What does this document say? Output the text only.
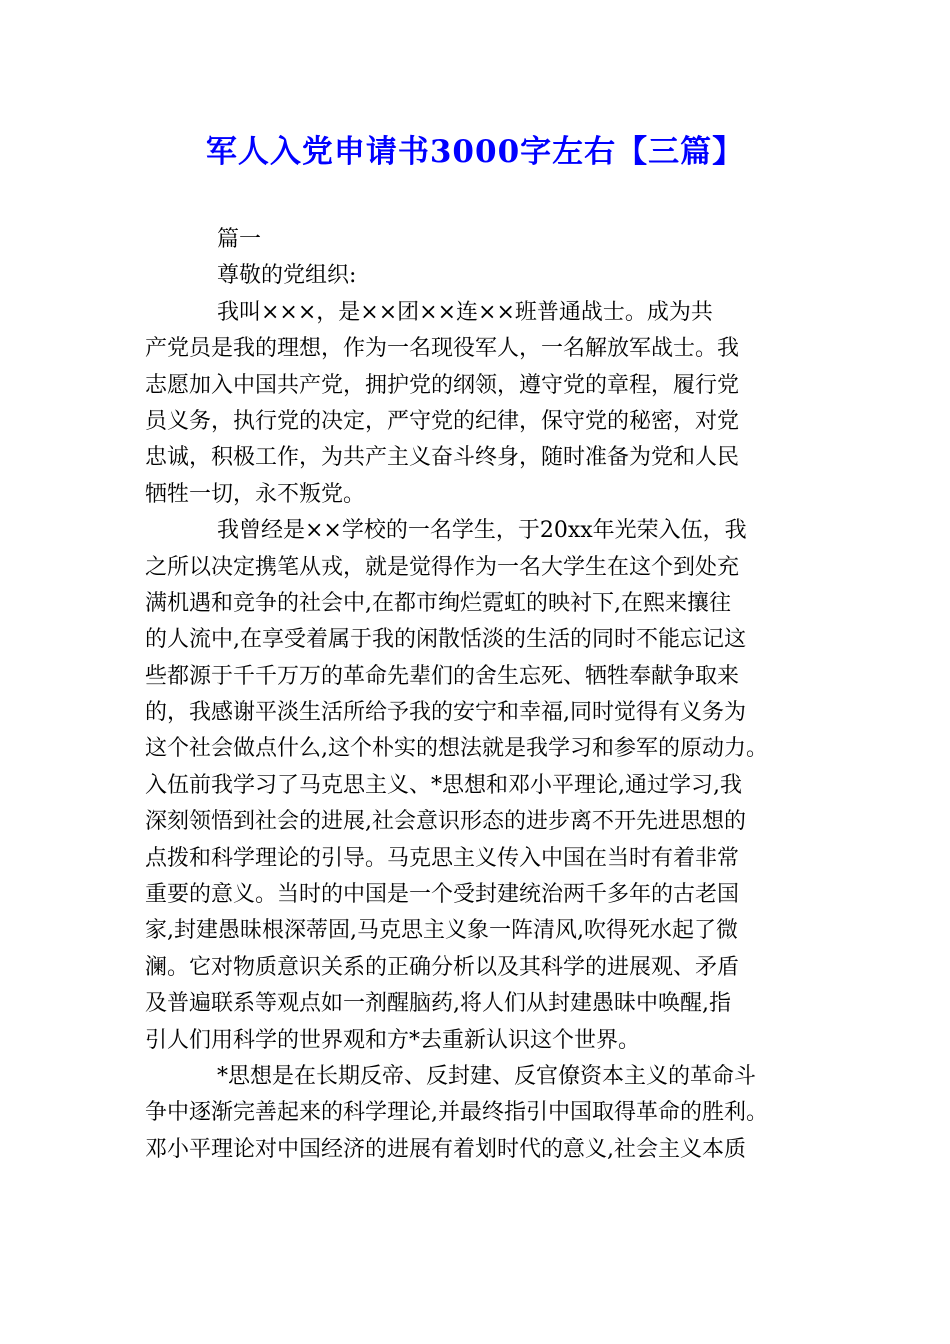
军人入党申请书3000字左右【三篇】
篇一
尊敬的党组织:
我叫×××，是××团××连××班普通战士。成为共
产党员是我的理想，作为一名现役军人，一名解放军战士。我
志愿加入中国共产党，拥护党的纲领，遵守党的章程，履行党
员义务，执行党的决定，严守党的纪律，保守党的秘密，对党
忠诚，积极工作，为共产主义奋斗终身，随时准备为党和人民
牺牲一切，永不叛党。
我曾经是××学校的一名学生，于20xx年光荣入伍，我
之所以决定携笔从戎，就是觉得作为一名大学生在这个到处充
满机遇和竞争的社会中,在都市绚烂霓虹的映衬下,在熙来攘往
的人流中,在享受着属于我的闲散恬淡的生活的同时不能忘记这
些都源于千千万万的革命先辈们的舍生忘死、牺牲奉献争取来
的，我感谢平淡生活所给予我的安宁和幸福,同时觉得有义务为
这个社会做点什么,这个朴实的想法就是我学习和参军的原动力。
入伍前我学习了马克思主义、*思想和邓小平理论,通过学习,我
深刻领悟到社会的进展,社会意识形态的进步离不开先进思想的
点拨和科学理论的引导。马克思主义传入中国在当时有着非常
重要的意义。当时的中国是一个受封建统治两千多年的古老国
家,封建愚昧根深蒂固,马克思主义象一阵清风,吹得死水起了微
澜。它对物质意识关系的正确分析以及其科学的进展观、矛盾
及普遍联系等观点如一剂醒脑药,将人们从封建愚昧中唤醒,指
引人们用科学的世界观和方*去重新认识这个世界。
*思想是在长期反帝、反封建、反官僚资本主义的革命斗
争中逐渐完善起来的科学理论,并最终指引中国取得革命的胜利。
邓小平理论对中国经济的进展有着划时代的意义,社会主义本质
